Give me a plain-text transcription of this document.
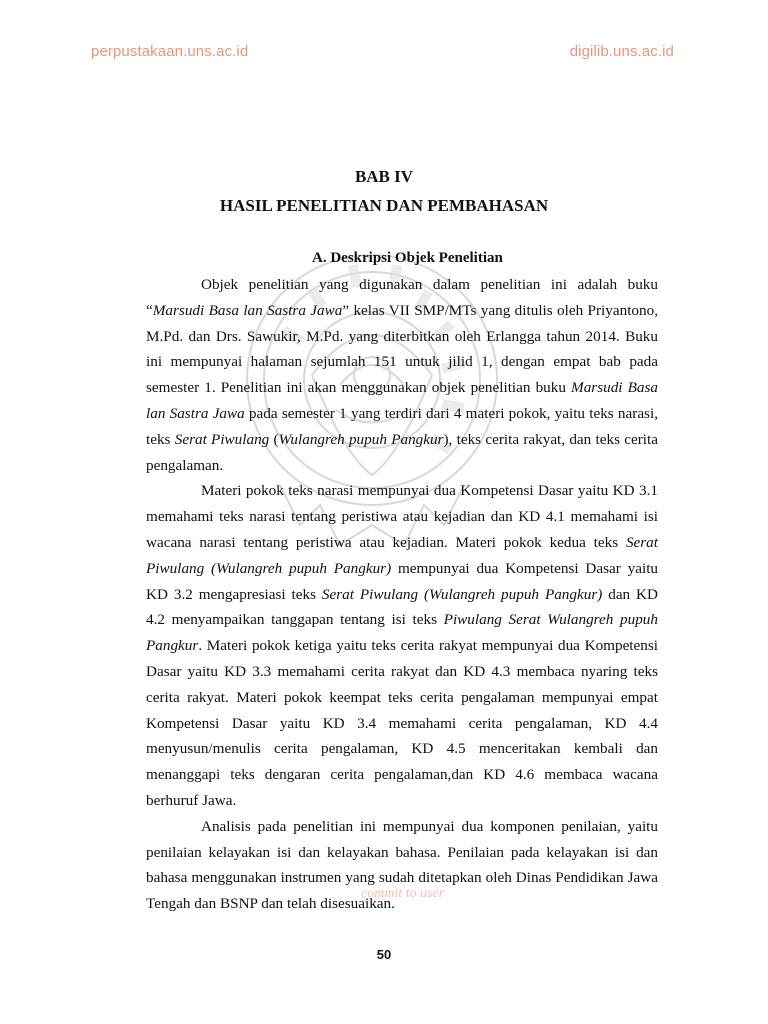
perpustakaan.uns.ac.id	digilib.uns.ac.id
BAB IV
HASIL PENELITIAN DAN PEMBAHASAN
A. Deskripsi Objek Penelitian

Objek penelitian yang digunakan dalam penelitian ini adalah buku “Marsudi Basa lan Sastra Jawa” kelas VII SMP/MTs yang ditulis oleh Priyantono, M.Pd. dan Drs. Sawukir, M.Pd. yang diterbitkan oleh Erlangga tahun 2014. Buku ini mempunyai halaman sejumlah 151 untuk jilid 1, dengan empat bab pada semester 1. Penelitian ini akan menggunakan objek penelitian buku Marsudi Basa lan Sastra Jawa pada semester 1 yang terdiri dari 4 materi pokok, yaitu teks narasi, teks Serat Piwulang (Wulangreh pupuh Pangkur), teks cerita rakyat, dan teks cerita pengalaman.

Materi pokok teks narasi mempunyai dua Kompetensi Dasar yaitu KD 3.1 memahami teks narasi tentang peristiwa atau kejadian dan KD 4.1 memahami isi wacana narasi tentang peristiwa atau kejadian. Materi pokok kedua teks Serat Piwulang (Wulangreh pupuh Pangkur) mempunyai dua Kompetensi Dasar yaitu KD 3.2 mengapresiasi teks Serat Piwulang (Wulangreh pupuh Pangkur) dan KD 4.2 menyampaikan tanggapan tentang isi teks Piwulang Serat Wulangreh pupuh Pangkur. Materi pokok ketiga yaitu teks cerita rakyat mempunyai dua Kompetensi Dasar yaitu KD 3.3 memahami cerita rakyat dan KD 4.3 membaca nyaring teks cerita rakyat. Materi pokok keempat teks cerita pengalaman mempunyai empat Kompetensi Dasar yaitu KD 3.4 memahami cerita pengalaman, KD 4.4 menyusun/menulis cerita pengalaman, KD 4.5 menceritakan kembali dan menanggapi teks dengaran cerita pengalaman,dan KD 4.6 membaca wacana berhuruf Jawa.

Analisis pada penelitian ini mempunyai dua komponen penilaian, yaitu penilaian kelayakan isi dan kelayakan bahasa. Penilaian pada kelayakan isi dan bahasa menggunakan instrumen yang sudah ditetapkan oleh Dinas Pendidikan Jawa Tengah dan BSNP dan telah disesuaikan.

commit to user
50
